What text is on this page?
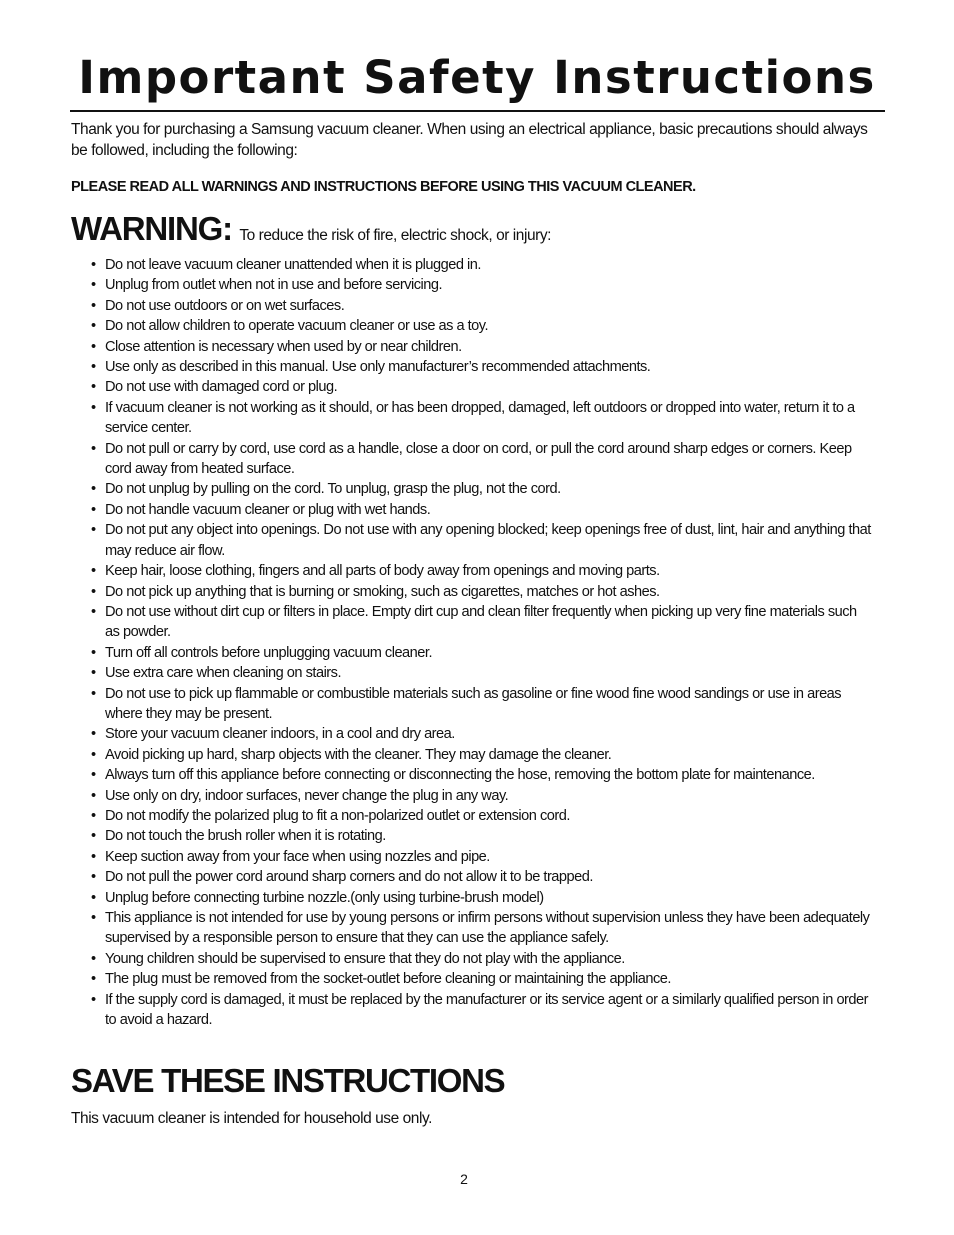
Important Safety Instructions

Thank you for purchasing a Samsung vacuum cleaner. When using an electrical appliance, basic precautions should always be followed, including the following:

PLEASE READ ALL WARNINGS AND INSTRUCTIONS BEFORE USING THIS VACUUM CLEANER.

WARNING: To reduce the risk of fire, electric shock, or injury:

• Do not leave vacuum cleaner unattended when it is plugged in.
• Unplug from outlet when not in use and before servicing.
• Do not use outdoors or on wet surfaces.
• Do not allow children to operate vacuum cleaner or use as a toy.
• Close attention is necessary when used by or near children.
• Use only as described in this manual. Use only manufacturer’s recommended attachments.
• Do not use with damaged cord or plug.
• If vacuum cleaner is not working as it should, or has been dropped, damaged, left outdoors or dropped into water, return it to a service center.
• Do not pull or carry by cord, use cord as a handle, close a door on cord, or pull the cord around sharp edges or corners. Keep cord away from heated surface.
• Do not unplug by pulling on the cord. To unplug, grasp the plug, not the cord.
• Do not handle vacuum cleaner or plug with wet hands.
• Do not put any object into openings. Do not use with any opening blocked; keep openings free of dust, lint, hair and anything that may reduce air flow.
• Keep hair, loose clothing, fingers and all parts of body away from openings and moving parts.
• Do not pick up anything that is burning or smoking, such as cigarettes, matches or hot ashes.
• Do not use without dirt cup or filters in place. Empty dirt cup and clean filter frequently when picking up very fine materials such as powder.
• Turn off all controls before unplugging vacuum cleaner.
• Use extra care when cleaning on stairs.
• Do not use to pick up flammable or combustible materials such as gasoline or fine wood fine wood sandings or use in areas where they may be present.
• Store your vacuum cleaner indoors, in a cool and dry area.
• Avoid picking up hard, sharp objects with the cleaner. They may damage the cleaner.
• Always turn off this appliance before connecting or disconnecting the hose, removing the bottom plate for maintenance.
• Use only on dry, indoor surfaces, never change the plug in any way.
• Do not modify the polarized plug to fit a non-polarized outlet or extension cord.
• Do not touch the brush roller when it is rotating.
• Keep suction away from your face when using nozzles and pipe.
• Do not pull the power cord around sharp corners and do not allow it to be trapped.
• Unplug before connecting turbine nozzle.(only using turbine-brush model)
• This appliance is not intended for use by young persons or infirm persons without supervision unless they have been adequately supervised by a responsible person to ensure that they can use the appliance safely.
• Young children should be supervised to ensure that they do not play with the appliance.
• The plug must be removed from the socket-outlet before cleaning or maintaining the appliance.
• If the supply cord is damaged, it must be replaced by the manufacturer or its service agent or a similarly qualified person in order to avoid a hazard.
SAVE THESE INSTRUCTIONS

This vacuum cleaner is intended for household use only.

2
